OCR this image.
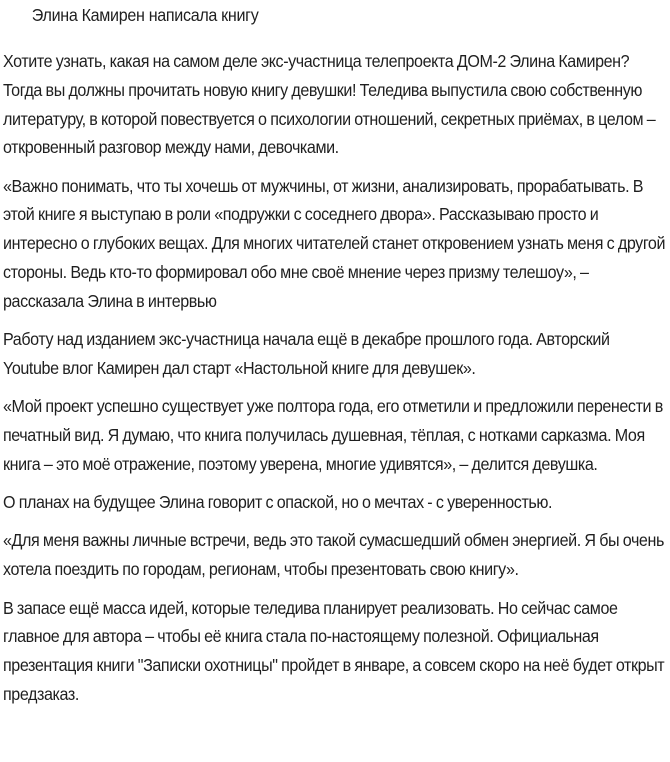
Элина Камирен написала книгу

Хотите узнать, какая на самом деле экс-участница телепроекта ДОМ-2 Элина Камирен? Тогда вы должны прочитать новую книгу девушки! Теледива выпустила свою собственную литературу, в которой повествуется о психологии отношений, секретных приёмах, в целом – откровенный разговор между нами, девочками.

«Важно понимать, что ты хочешь от мужчины, от жизни, анализировать, прорабатывать. В этой книге я выступаю в роли «подружки с соседнего двора». Рассказываю просто и интересно о глубоких вещах. Для многих читателей станет откровением узнать меня с другой стороны. Ведь кто-то формировал обо мне своё мнение через призму телешоу», – рассказала Элина в интервью

Работу над изданием экс-участница начала ещё в декабре прошлого года. Авторский Youtube влог Камирен дал старт «Настольной книге для девушек».

«Мой проект успешно существует уже полтора года, его отметили и предложили перенести в печатный вид. Я думаю, что книга получилась душевная, тёплая, с нотками сарказма. Моя книга – это моё отражение, поэтому уверена, многие удивятся», – делится девушка.

О планах на будущее Элина говорит с опаской, но о мечтах - с уверенностью.

«Для меня важны личные встречи, ведь это такой сумасшедший обмен энергией. Я бы очень хотела поездить по городам, регионам, чтобы презентовать свою книгу».

В запасе ещё масса идей, которые теледива планирует реализовать. Но сейчас самое главное для автора – чтобы её книга стала по-настоящему полезной. Официальная презентация книги "Записки охотницы" пройдет в январе, а совсем скоро на неё будет открыт предзаказ.
